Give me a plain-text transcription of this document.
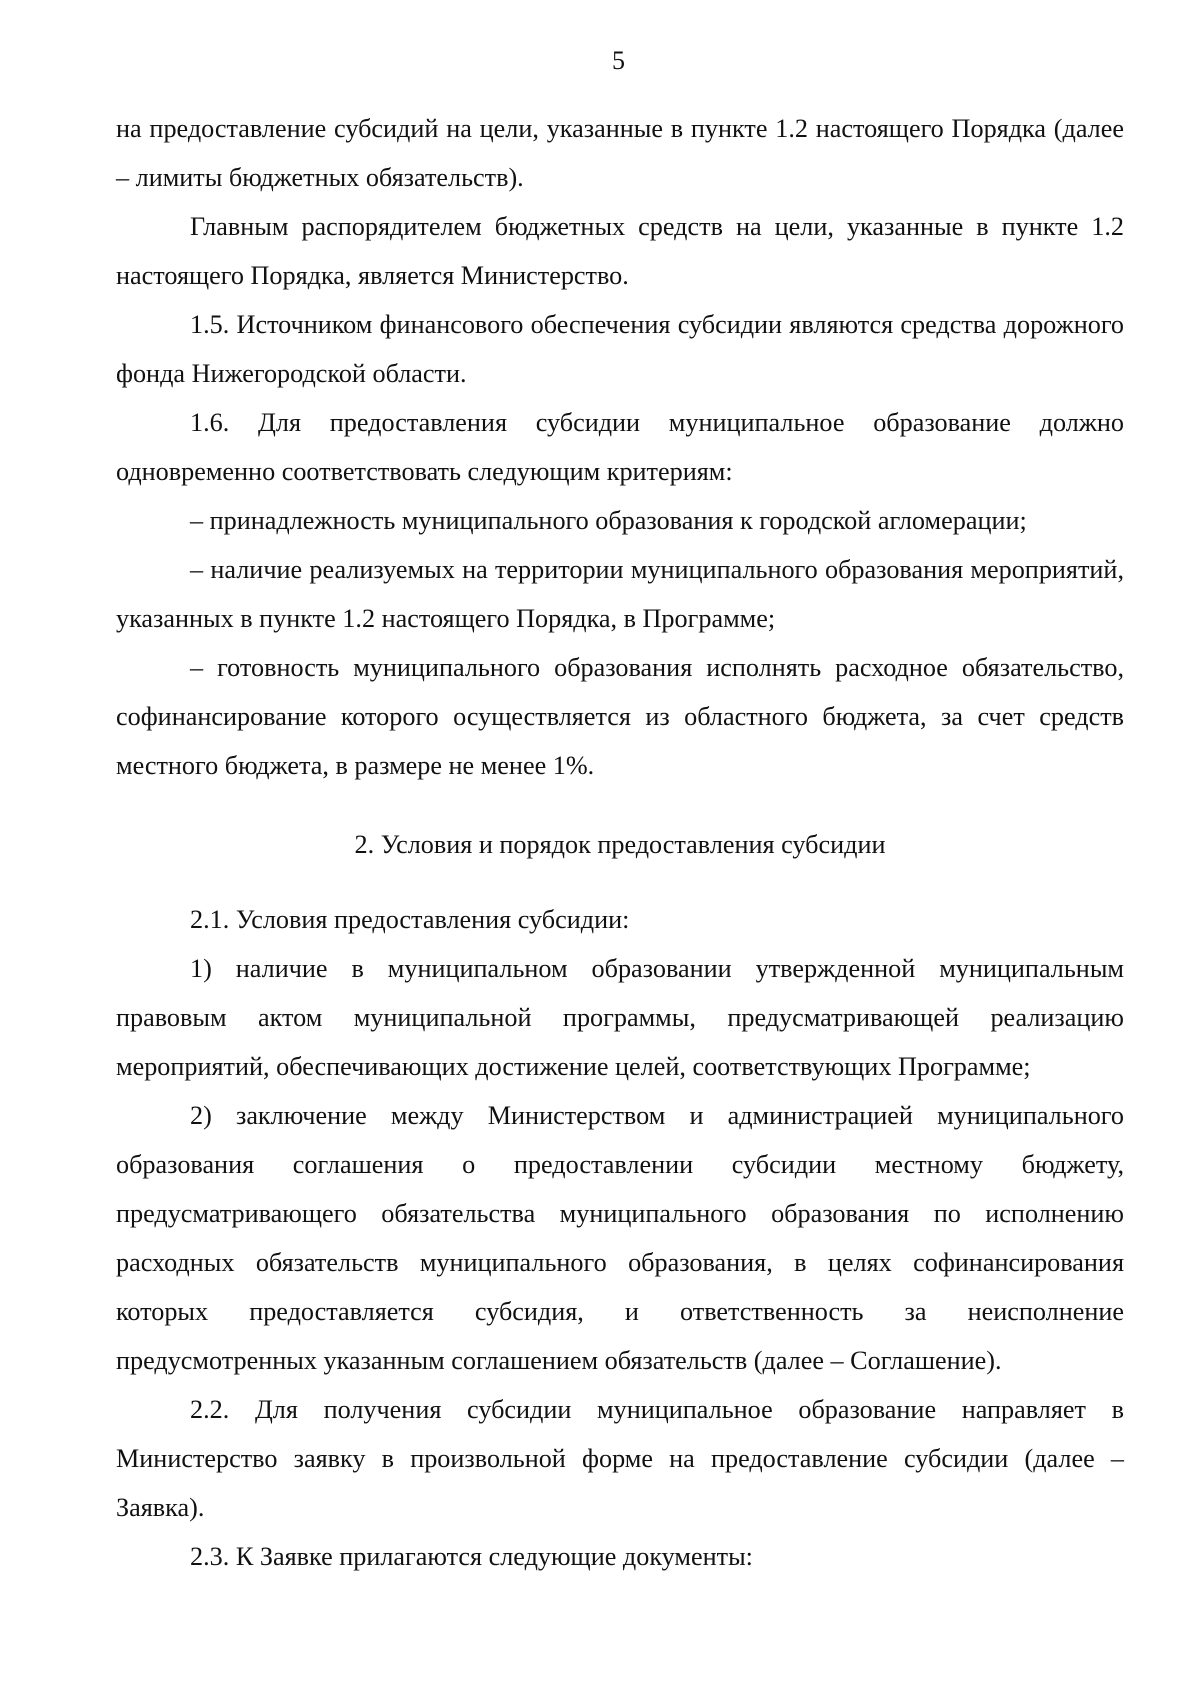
5

на предоставление субсидий на цели, указанные в пункте 1.2 настоящего Порядка (далее – лимиты бюджетных обязательств).

Главным распорядителем бюджетных средств на цели, указанные в пункте 1.2 настоящего Порядка, является Министерство.

1.5. Источником финансового обеспечения субсидии являются средства дорожного фонда Нижегородской области.

1.6. Для предоставления субсидии муниципальное образование должно одновременно соответствовать следующим критериям:

– принадлежность муниципального образования к городской агломерации;

– наличие реализуемых на территории муниципального образования мероприятий, указанных в пункте 1.2 настоящего Порядка, в Программе;

– готовность муниципального образования исполнять расходное обязательство, софинансирование которого осуществляется из областного бюджета, за счет средств местного бюджета, в размере не менее 1%.

2. Условия и порядок предоставления субсидии

2.1. Условия предоставления субсидии:

1) наличие в муниципальном образовании утвержденной муниципальным правовым актом муниципальной программы, предусматривающей реализацию мероприятий, обеспечивающих достижение целей, соответствующих Программе;

2) заключение между Министерством и администрацией муниципального образования соглашения о предоставлении субсидии местному бюджету, предусматривающего обязательства муниципального образования по исполнению расходных обязательств муниципального образования, в целях софинансирования которых предоставляется субсидия, и ответственность за неисполнение предусмотренных указанным соглашением обязательств (далее – Соглашение).

2.2. Для получения субсидии муниципальное образование направляет в Министерство заявку в произвольной форме на предоставление субсидии (далее – Заявка).

2.3. К Заявке прилагаются следующие документы:
